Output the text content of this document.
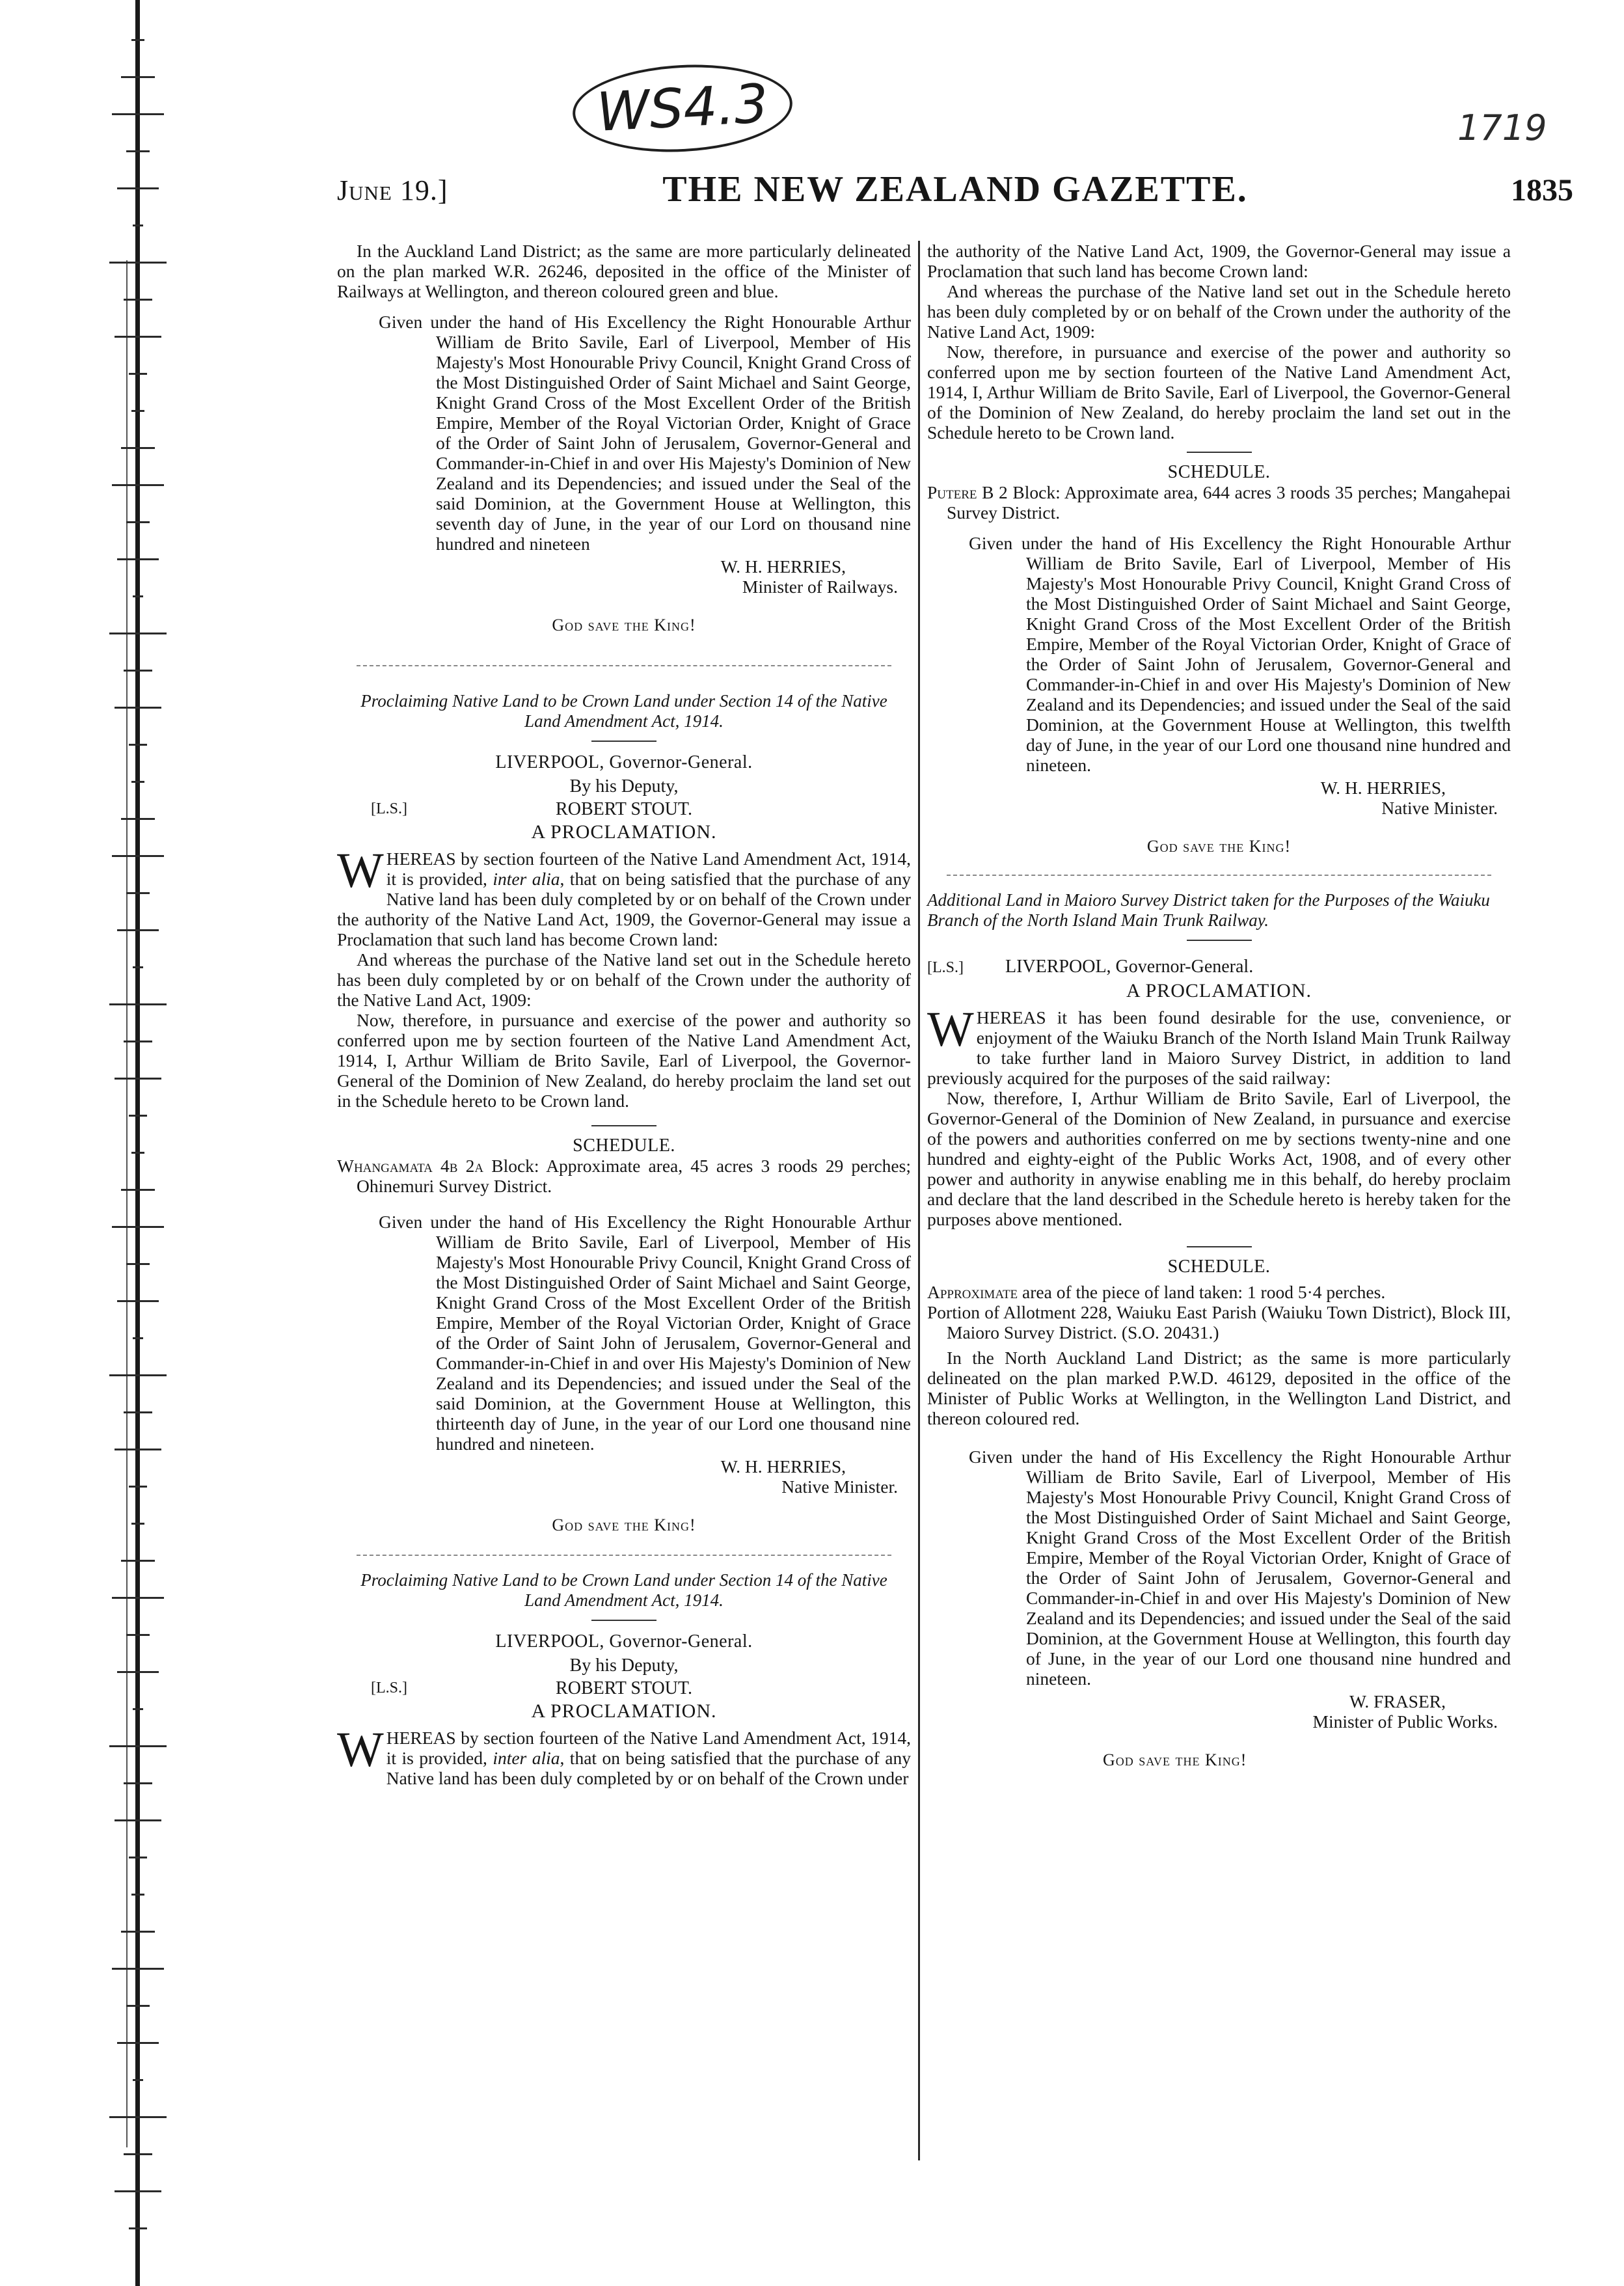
WS4.3	1719
June 19.]	THE NEW ZEALAND GAZETTE.	1835

In the Auckland Land District; as the same are more particularly delineated on the plan marked W.R. 26246, deposited in the office of the Minister of Railways at Wellington, and thereon coloured green and blue.

Given under the hand of His Excellency the Right Honourable Arthur William de Brito Savile, Earl of Liverpool, Member of His Majesty's Most Honourable Privy Council, Knight Grand Cross of the Most Distinguished Order of Saint Michael and Saint George, Knight Grand Cross of the Most Excellent Order of the British Empire, Member of the Royal Victorian Order, Knight of Grace of the Order of Saint John of Jerusalem, Governor-General and Commander-in-Chief in and over His Majesty's Dominion of New Zealand and its Dependencies; and issued under the Seal of the said Dominion, at the Government House at Wellington, this seventh day of June, in the year of our Lord on thousand nine hundred and nineteen

W. H. HERRIES,

Minister of Railways.

God save the King!

Proclaiming Native Land to be Crown Land under Section 14 of the Native Land Amendment Act, 1914.

LIVERPOOL, Governor-General.

By his Deputy,

[L.S.]	ROBERT STOUT.

A PROCLAMATION.

WHEREAS by section fourteen of the Native Land Amendment Act, 1914, it is provided, inter alia, that on being satisfied that the purchase of any Native land has been duly completed by or on behalf of the Crown under the authority of the Native Land Act, 1909, the Governor-General may issue a Proclamation that such land has become Crown land:

And whereas the purchase of the Native land set out in the Schedule hereto has been duly completed by or on behalf of the Crown under the authority of the Native Land Act, 1909:

Now, therefore, in pursuance and exercise of the power and authority so conferred upon me by section fourteen of the Native Land Amendment Act, 1914, I, Arthur William de Brito Savile, Earl of Liverpool, the Governor-General of the Dominion of New Zealand, do hereby proclaim the land set out in the Schedule hereto to be Crown land.

SCHEDULE.

Whangamata 4b 2a Block: Approximate area, 45 acres 3 roods 29 perches; Ohinemuri Survey District.

Given under the hand of His Excellency the Right Honourable Arthur William de Brito Savile, Earl of Liverpool, Member of His Majesty's Most Honourable Privy Council, Knight Grand Cross of the Most Distinguished Order of Saint Michael and Saint George, Knight Grand Cross of the Most Excellent Order of the British Empire, Member of the Royal Victorian Order, Knight of Grace of the Order of Saint John of Jerusalem, Governor-General and Commander-in-Chief in and over His Majesty's Dominion of New Zealand and its Dependencies; and issued under the Seal of the said Dominion, at the Government House at Wellington, this thirteenth day of June, in the year of our Lord one thousand nine hundred and nineteen.

W. H. HERRIES,

Native Minister.

God save the King!

Proclaiming Native Land to be Crown Land under Section 14 of the Native Land Amendment Act, 1914.

LIVERPOOL, Governor-General.

By his Deputy,

[L.S.]	ROBERT STOUT.

A PROCLAMATION.

WHEREAS by section fourteen of the Native Land Amendment Act, 1914, it is provided, inter alia, that on being satisfied that the purchase of any Native land has been duly completed by or on behalf of the Crown under

the authority of the Native Land Act, 1909, the Governor-General may issue a Proclamation that such land has become Crown land:

And whereas the purchase of the Native land set out in the Schedule hereto has been duly completed by or on behalf of the Crown under the authority of the Native Land Act, 1909:

Now, therefore, in pursuance and exercise of the power and authority so conferred upon me by section fourteen of the Native Land Amendment Act, 1914, I, Arthur William de Brito Savile, Earl of Liverpool, the Governor-General of the Dominion of New Zealand, do hereby proclaim the land set out in the Schedule hereto to be Crown land.

SCHEDULE.

Putere B 2 Block: Approximate area, 644 acres 3 roods 35 perches; Mangahepai Survey District.

Given under the hand of His Excellency the Right Honourable Arthur William de Brito Savile, Earl of Liverpool, Member of His Majesty's Most Honourable Privy Council, Knight Grand Cross of the Most Distinguished Order of Saint Michael and Saint George, Knight Grand Cross of the Most Excellent Order of the British Empire, Member of the Royal Victorian Order, Knight of Grace of the Order of Saint John of Jerusalem, Governor-General and Commander-in-Chief in and over His Majesty's Dominion of New Zealand and its Dependencies; and issued under the Seal of the said Dominion, at the Government House at Wellington, this twelfth day of June, in the year of our Lord one thousand nine hundred and nineteen.

W. H. HERRIES,

Native Minister.

God save the King!

Additional Land in Maioro Survey District taken for the Purposes of the Waiuku Branch of the North Island Main Trunk Railway.

[L.S.] LIVERPOOL, Governor-General.

A PROCLAMATION.

WHEREAS it has been found desirable for the use, convenience, or enjoyment of the Waiuku Branch of the North Island Main Trunk Railway to take further land in Maioro Survey District, in addition to land previously acquired for the purposes of the said railway:

Now, therefore, I, Arthur William de Brito Savile, Earl of Liverpool, the Governor-General of the Dominion of New Zealand, in pursuance and exercise of the powers and authorities conferred on me by sections twenty-nine and one hundred and eighty-eight of the Public Works Act, 1908, and of every other power and authority in anywise enabling me in this behalf, do hereby proclaim and declare that the land described in the Schedule hereto is hereby taken for the purposes above mentioned.

SCHEDULE.

Approximate area of the piece of land taken: 1 rood 5·4 perches.

Portion of Allotment 228, Waiuku East Parish (Waiuku Town District), Block III, Maioro Survey District. (S.O. 20431.)

In the North Auckland Land District; as the same is more particularly delineated on the plan marked P.W.D. 46129, deposited in the office of the Minister of Public Works at Wellington, in the Wellington Land District, and thereon coloured red.

Given under the hand of His Excellency the Right Honourable Arthur William de Brito Savile, Earl of Liverpool, Member of His Majesty's Most Honourable Privy Council, Knight Grand Cross of the Most Distinguished Order of Saint Michael and Saint George, Knight Grand Cross of the Most Excellent Order of the British Empire, Member of the Royal Victorian Order, Knight of Grace of the Order of Saint John of Jerusalem, Governor-General and Commander-in-Chief in and over His Majesty's Dominion of New Zealand and its Dependencies; and issued under the Seal of the said Dominion, at the Government House at Wellington, this fourth day of June, in the year of our Lord one thousand nine hundred and nineteen.

W. FRASER,

Minister of Public Works.

God save the King!
